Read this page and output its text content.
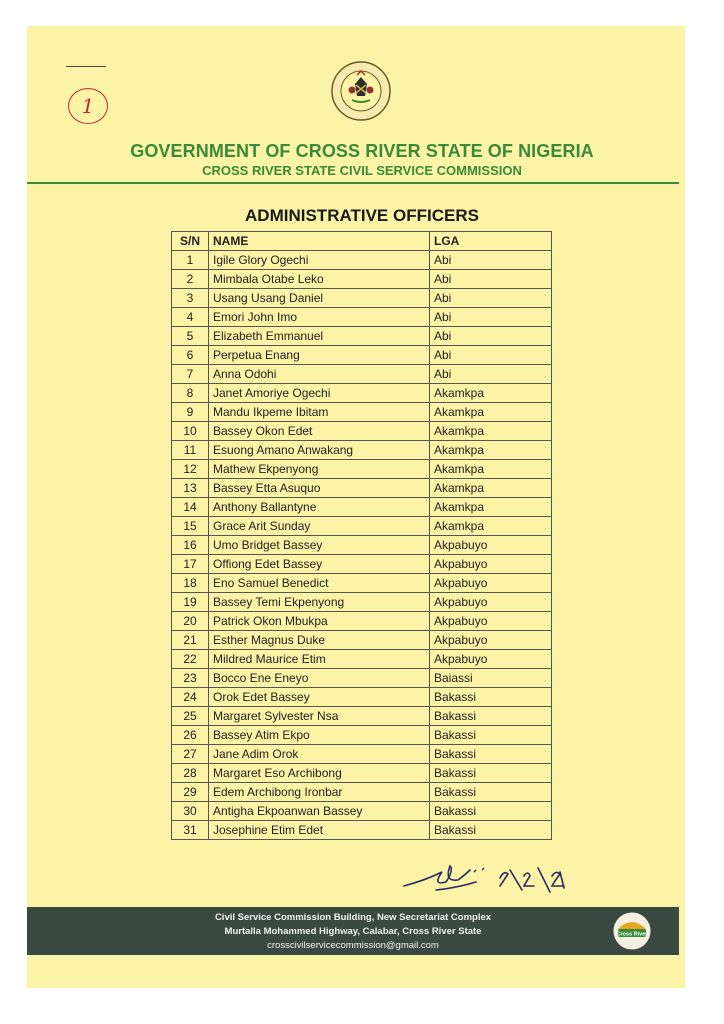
1
GOVERNMENT OF CROSS RIVER STATE OF NIGERIA
CROSS RIVER STATE CIVIL SERVICE COMMISSION
ADMINISTRATIVE OFFICERS
S/N	NAME	LGA
1	Igile Glory Ogechi	Abi
2	Mimbala Otabe Leko	Abi
3	Usang Usang Daniel	Abi
4	Emori John Imo	Abi
5	Elizabeth Emmanuel	Abi
6	Perpetua Enang	Abi
7	Anna Odohi	Abi
8	Janet Amoriye Ogechi	Akamkpa
9	Mandu Ikpeme Ibitam	Akamkpa
10	Bassey Okon Edet	Akamkpa
11	Esuong Amano Anwakang	Akamkpa
12	Mathew Ekpenyong	Akamkpa
13	Bassey Etta Asuquo	Akamkpa
14	Anthony Ballantyne	Akamkpa
15	Grace Arit Sunday	Akamkpa
16	Umo Bridget Bassey	Akpabuyo
17	Offiong Edet Bassey	Akpabuyo
18	Eno Samuel Benedict	Akpabuyo
19	Bassey Temi Ekpenyong	Akpabuyo
20	Patrick Okon Mbukpa	Akpabuyo
21	Esther Magnus Duke	Akpabuyo
22	Mildred Maurice Etim	Akpabuyo
23	Bocco Ene Eneyo	Baiassi
24	Orok Edet Bassey	Bakassi
25	Margaret Sylvester Nsa	Bakassi
26	Bassey Atim Ekpo	Bakassi
27	Jane Adim Orok	Bakassi
28	Margaret Eso Archibong	Bakassi
29	Edem Archibong Ironbar	Bakassi
30	Antigha Ekpoanwan Bassey	Bakassi
31	Josephine Etim Edet	Bakassi
Civil Service Commission Building, New Secretariat Complex
Murtalla Mohammed Highway, Calabar, Cross River State
crosscivilservicecommission@gmail.com
Cross River
